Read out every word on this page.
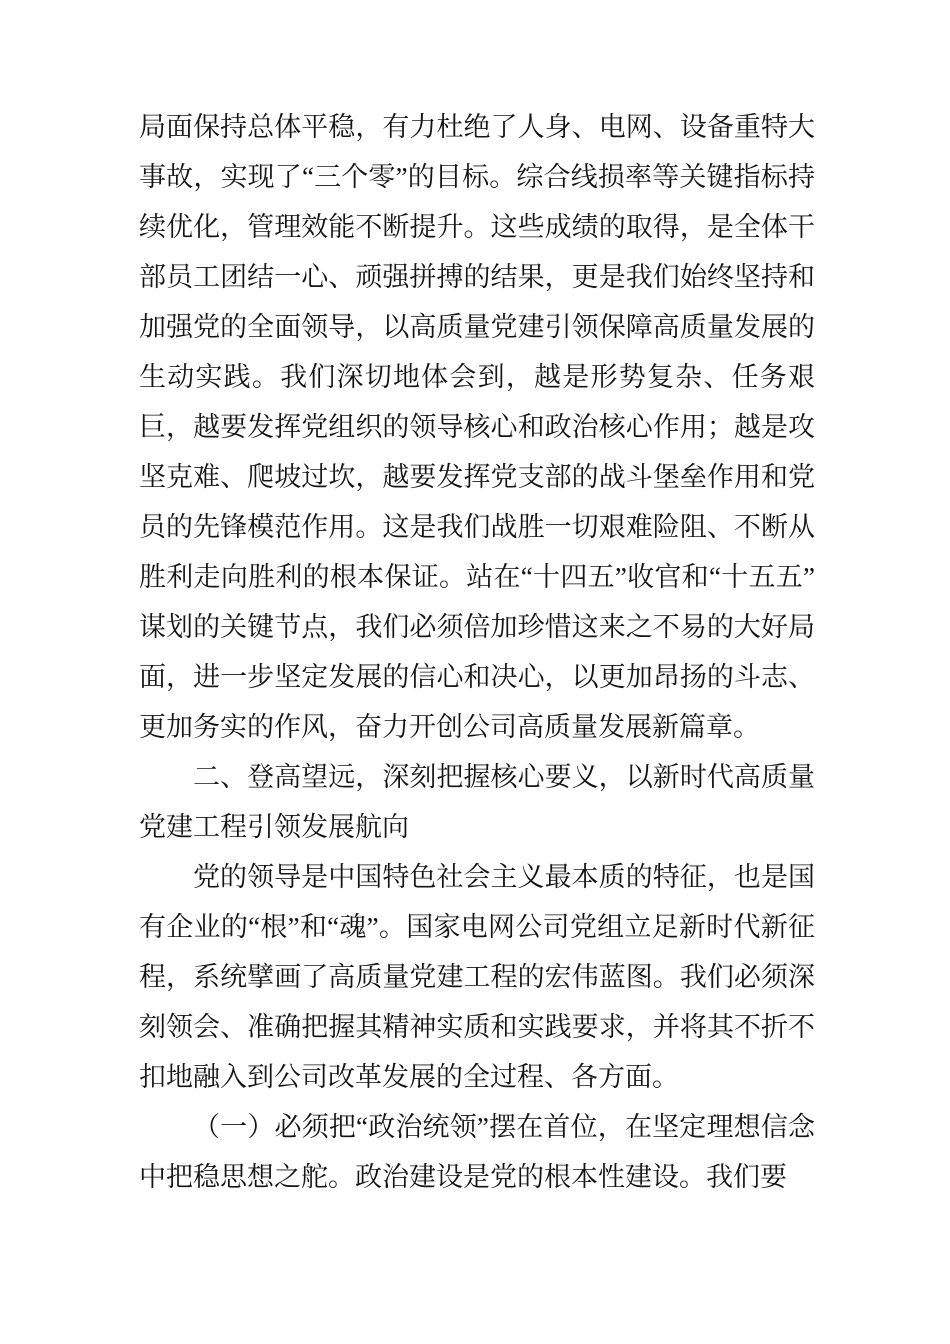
局面保持总体平稳，有力杜绝了人身、电网、设备重特大事故，实现了“三个零”的目标。综合线损率等关键指标持续优化，管理效能不断提升。这些成绩的取得，是全体干部员工团结一心、顽强拼搏的结果，更是我们始终坚持和加强党的全面领导，以高质量党建引领保障高质量发展的生动实践。我们深切地体会到，越是形势复杂、任务艰巨，越要发挥党组织的领导核心和政治核心作用；越是攻坚克难、爬坡过坎，越要发挥党支部的战斗堡垒作用和党员的先锋模范作用。这是我们战胜一切艰难险阻、不断从胜利走向胜利的根本保证。站在“十四五”收官和“十五五”谋划的关键节点，我们必须倍加珍惜这来之不易的大好局面，进一步坚定发展的信心和决心，以更加昂扬的斗志、更加务实的作风，奋力开创公司高质量发展新篇章。

二、登高望远，深刻把握核心要义，以新时代高质量党建工程引领发展航向

党的领导是中国特色社会主义最本质的特征，也是国有企业的“根”和“魂”。国家电网公司党组立足新时代新征程，系统擘画了高质量党建工程的宏伟蓝图。我们必须深刻领会、准确把握其精神实质和实践要求，并将其不折不扣地融入到公司改革发展的全过程、各方面。

（一）必须把“政治统领”摆在首位，在坚定理想信念中把稳思想之舵。政治建设是党的根本性建设。我们要
